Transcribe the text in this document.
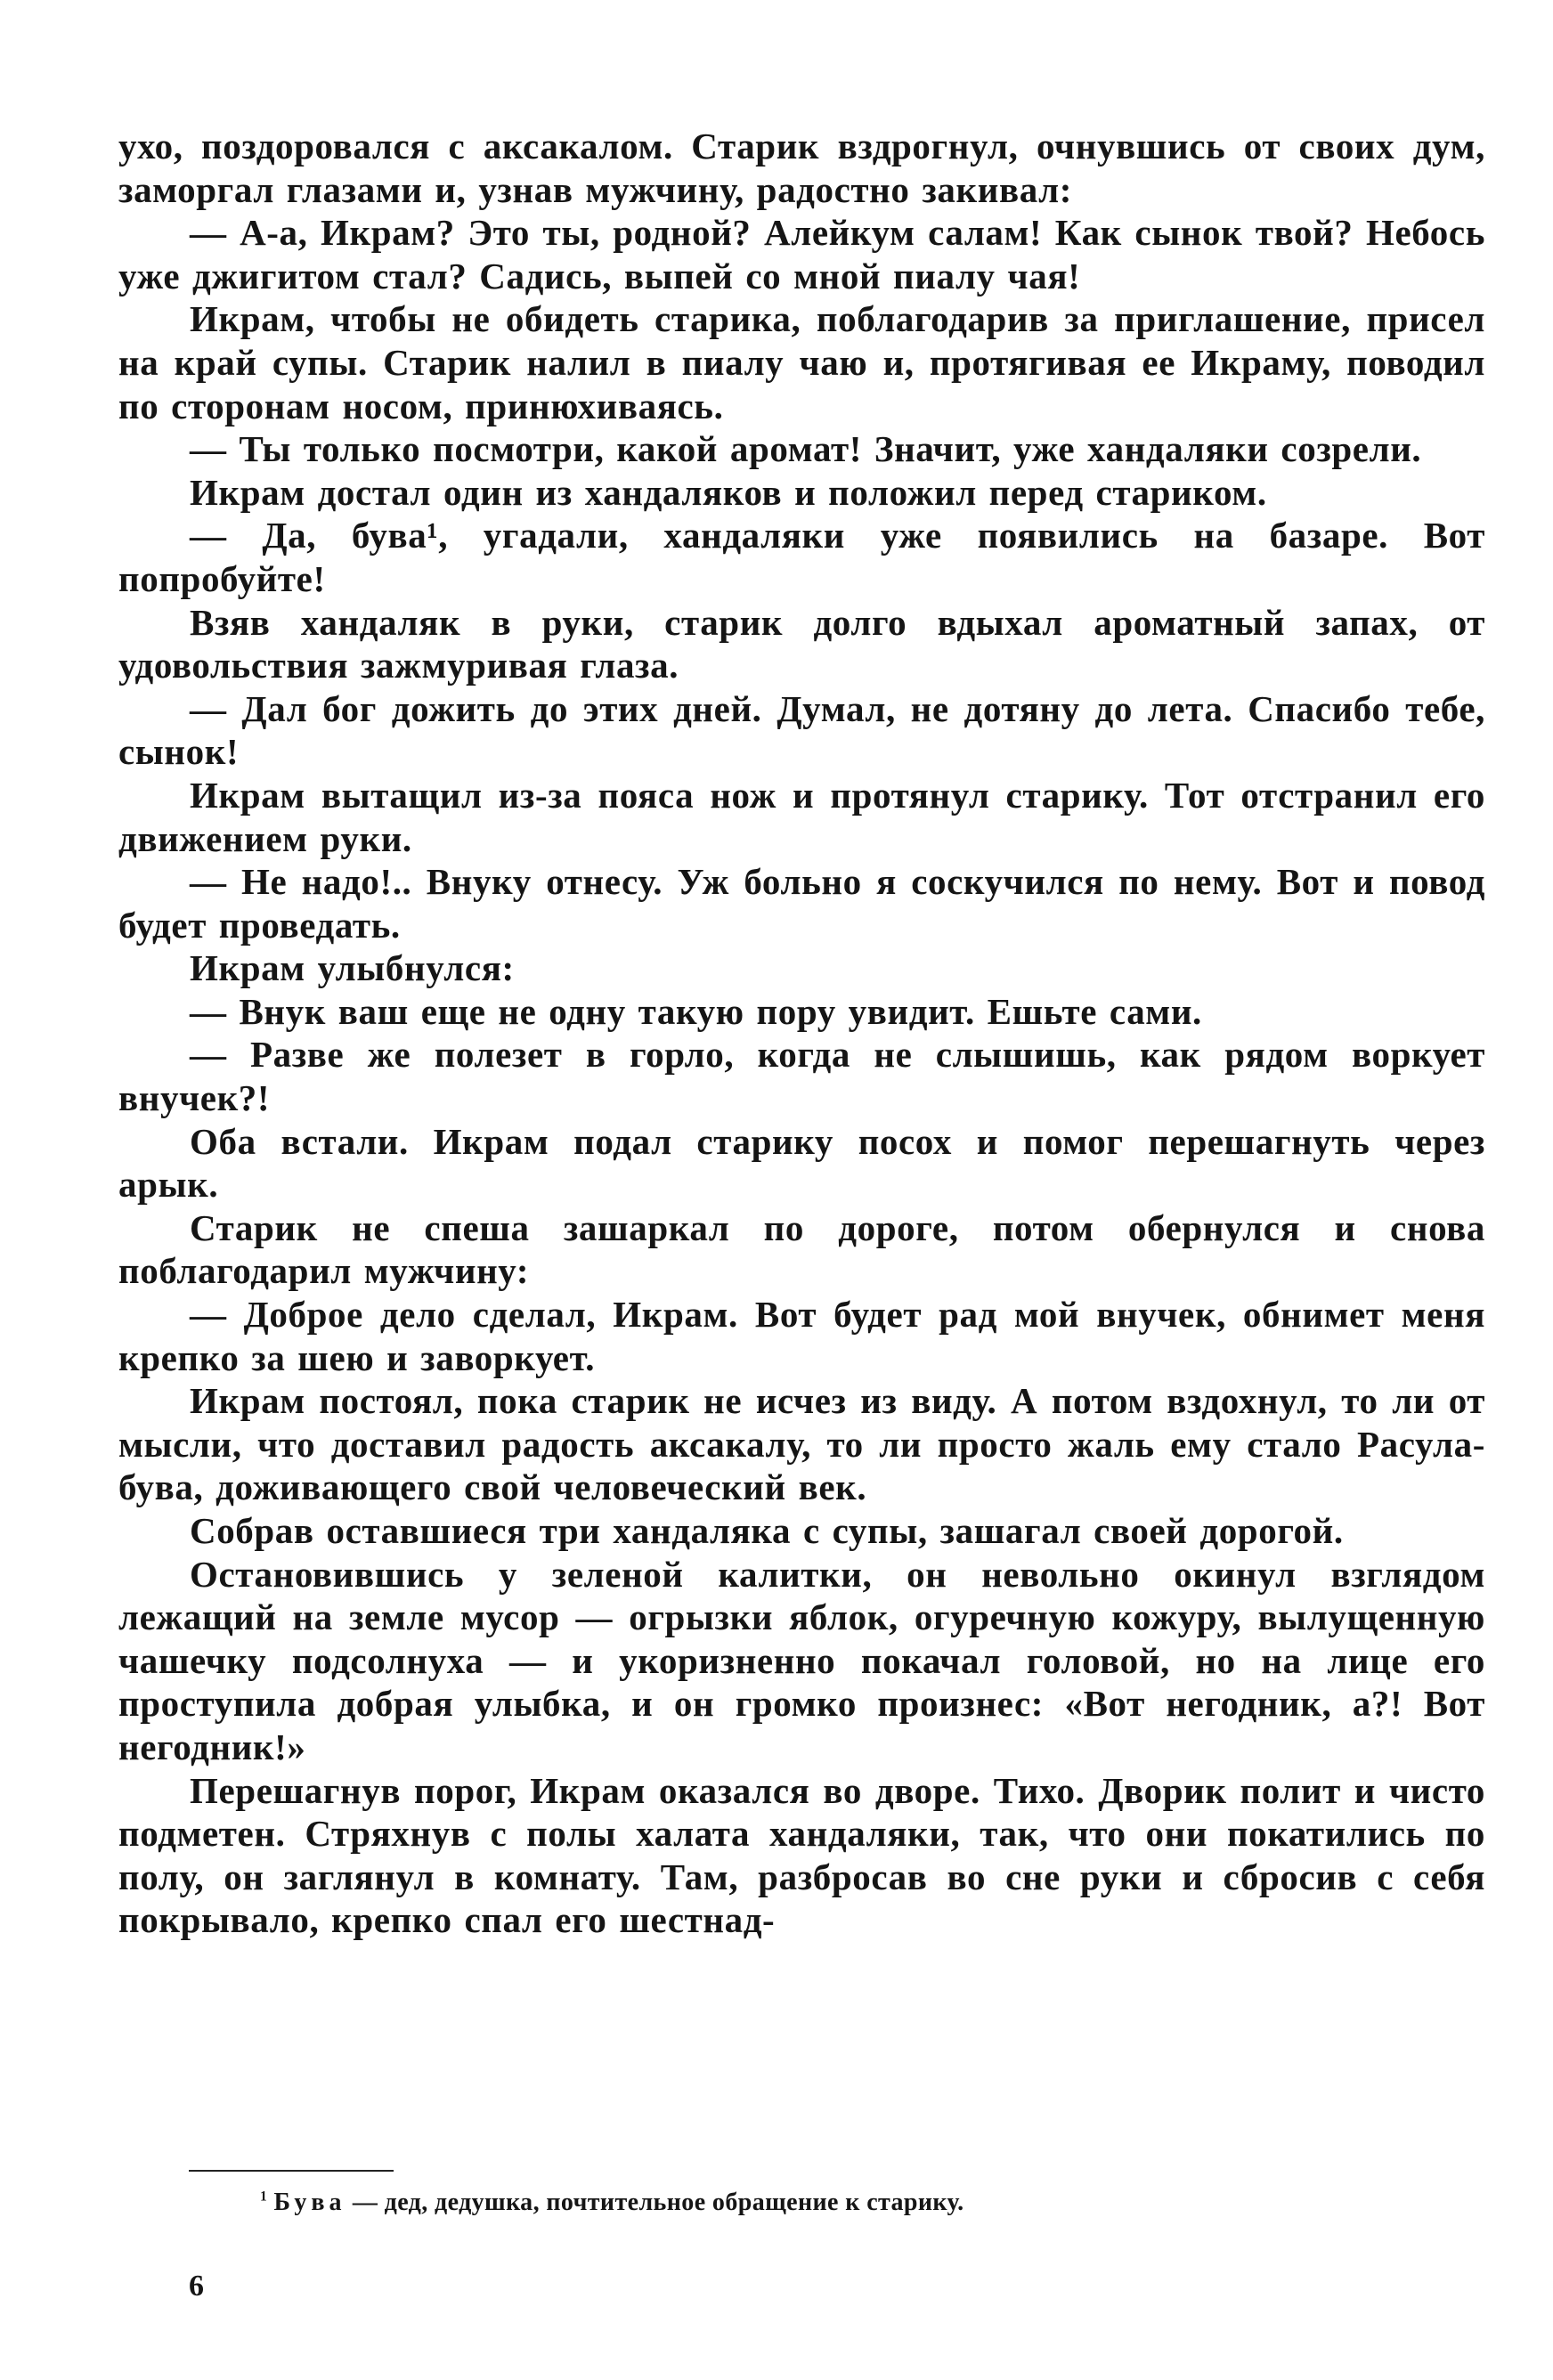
ухо, поздоровался с аксакалом. Старик вздрогнул, очнувшись от своих дум, заморгал глазами и, узнав мужчину, радостно закивал:

— А-а, Икрам? Это ты, родной? Алейкум салам! Как сынок твой? Небось уже джигитом стал? Садись, выпей со мной пиалу чая!

Икрам, чтобы не обидеть старика, поблагодарив за приглашение, присел на край супы. Старик налил в пиалу чаю и, протягивая ее Икраму, поводил по сторонам носом, принюхиваясь.

— Ты только посмотри, какой аромат! Значит, уже хандаляки созрели.

Икрам достал один из хандаляков и положил перед стариком.

— Да, бува¹, угадали, хандаляки уже появились на базаре. Вот попробуйте!

Взяв хандаляк в руки, старик долго вдыхал ароматный запах, от удовольствия зажмуривая глаза.

— Дал бог дожить до этих дней. Думал, не дотяну до лета. Спасибо тебе, сынок!

Икрам вытащил из-за пояса нож и протянул старику. Тот отстранил его движением руки.

— Не надо!.. Внуку отнесу. Уж больно я соскучился по нему. Вот и повод будет проведать.

Икрам улыбнулся:

— Внук ваш еще не одну такую пору увидит. Ешьте сами.

— Разве же полезет в горло, когда не слышишь, как рядом воркует внучек?!

Оба встали. Икрам подал старику посох и помог перешагнуть через арык.

Старик не спеша зашаркал по дороге, потом обернулся и снова поблагодарил мужчину:

— Доброе дело сделал, Икрам. Вот будет рад мой внучек, обнимет меня крепко за шею и заворкует.

Икрам постоял, пока старик не исчез из виду. А потом вздохнул, то ли от мысли, что доставил радость аксакалу, то ли просто жаль ему стало Расула-бува, доживающего свой человеческий век.

Собрав оставшиеся три хандаляка с супы, зашагал своей дорогой.

Остановившись у зеленой калитки, он невольно окинул взглядом лежащий на земле мусор — огрызки яблок, огуречную кожуру, вылущенную чашечку подсолнуха — и укоризненно покачал головой, но на лице его проступила добрая улыбка, и он громко произнес: «Вот негодник, а?! Вот негодник!»

Перешагнув порог, Икрам оказался во дворе. Тихо. Дворик полит и чисто подметен. Стряхнув с полы халата хандаляки, так, что они покатились по полу, он заглянул в комнату. Там, разбросав во сне руки и сбросив с себя покрывало, крепко спал его шестнад-

$^1$ Бува — дед, дедушка, почтительное обращение к старику.
6
